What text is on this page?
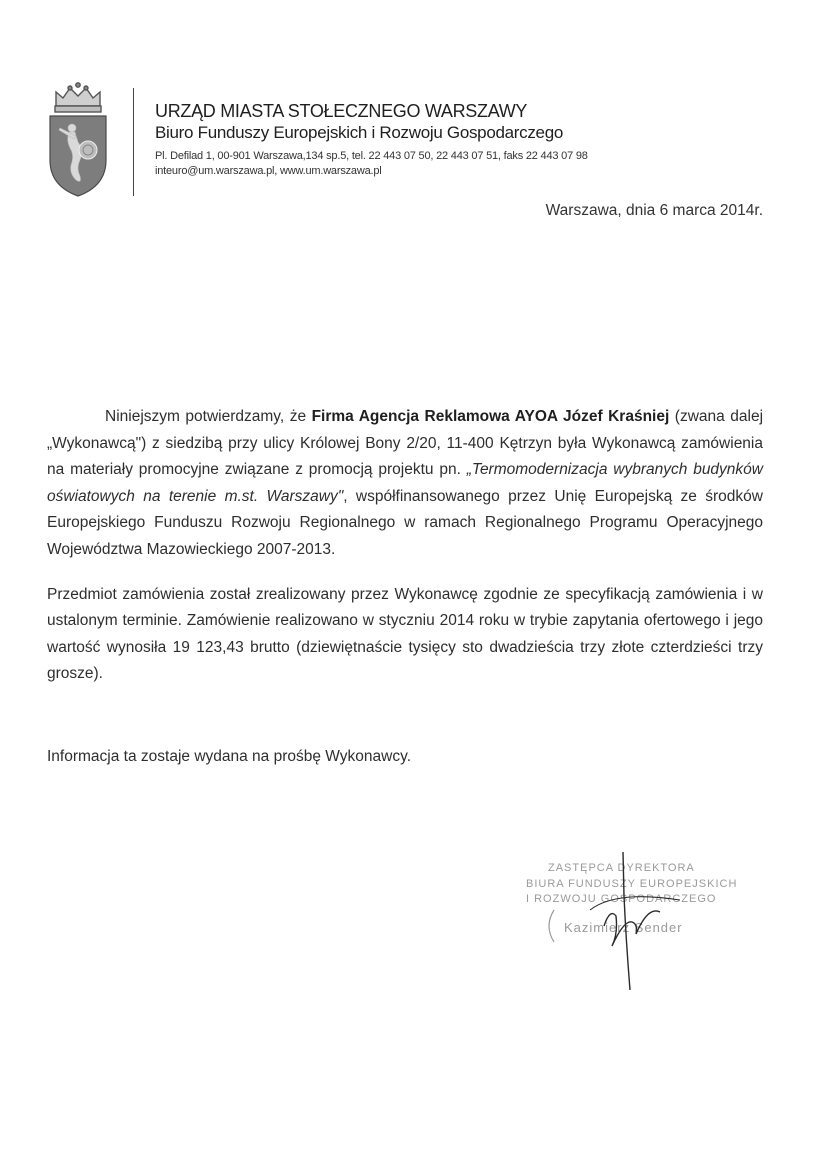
URZĄD MIASTA STOŁECZNEGO WARSZAWY
Biuro Funduszy Europejskich i Rozwoju Gospodarczego
Pl. Defilad 1, 00-901 Warszawa,134 sp.5, tel. 22 443 07 50, 22 443 07 51, faks 22 443 07 98
inteuro@um.warszawa.pl, www.um.warszawa.pl
Warszawa, dnia 6 marca 2014r.

Niniejszym potwierdzamy, że Firma Agencja Reklamowa AYOA Józef Kraśniej (zwana dalej „Wykonawcą") z siedzibą przy ulicy Królowej Bony 2/20, 11-400 Kętrzyn była Wykonawcą zamówienia na materiały promocyjne związane z promocją projektu pn. „Termomodernizacja wybranych budynków oświatowych na terenie m.st. Warszawy", współfinansowanego przez Unię Europejską ze środków Europejskiego Funduszu Rozwoju Regionalnego w ramach Regionalnego Programu Operacyjnego Województwa Mazowieckiego 2007-2013.

Przedmiot zamówienia został zrealizowany przez Wykonawcę zgodnie ze specyfikacją zamówienia i w ustalonym terminie. Zamówienie realizowano w styczniu 2014 roku w trybie zapytania ofertowego i jego wartość wynosiła 19 123,43 brutto (dziewiętnaście tysięcy sto dwadzieścia trzy złote czterdzieści trzy grosze).

Informacja ta zostaje wydana na prośbę Wykonawcy.

ZASTĘPCA DYREKTORA
BIURA FUNDUSZY EUROPEJSKICH
I ROZWOJU GOSPODARCZEGO
Kazimierz Sender
